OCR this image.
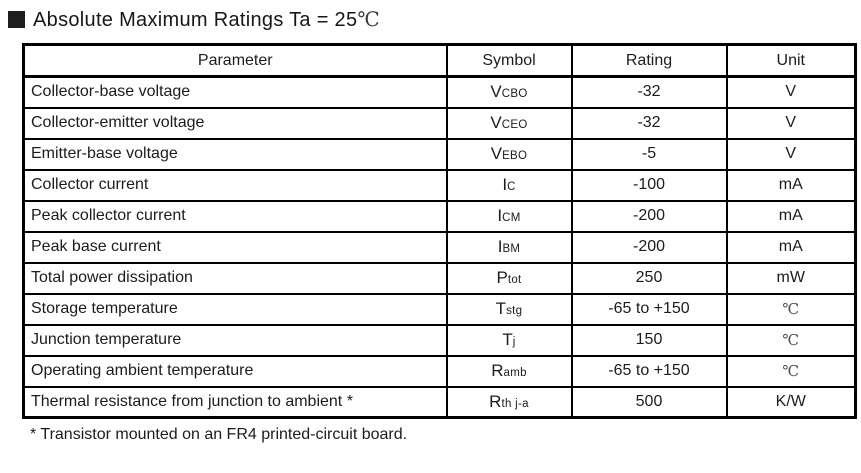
Absolute Maximum Ratings Ta = 25℃
Parameter	Symbol	Rating	Unit
Collector-base voltage	VCBO	-32	V
Collector-emitter voltage	VCEO	-32	V
Emitter-base voltage	VEBO	-5	V
Collector current	IC	-100	mA
Peak collector current	ICM	-200	mA
Peak base current	IBM	-200	mA
Total power dissipation	Ptot	250	mW
Storage temperature	Tstg	-65 to +150	℃
Junction temperature	Tj	150	℃
Operating ambient temperature	Ramb	-65 to +150	℃
Thermal resistance from junction to ambient *	Rth j-a	500	K/W
* Transistor mounted on an FR4 printed-circuit board.
